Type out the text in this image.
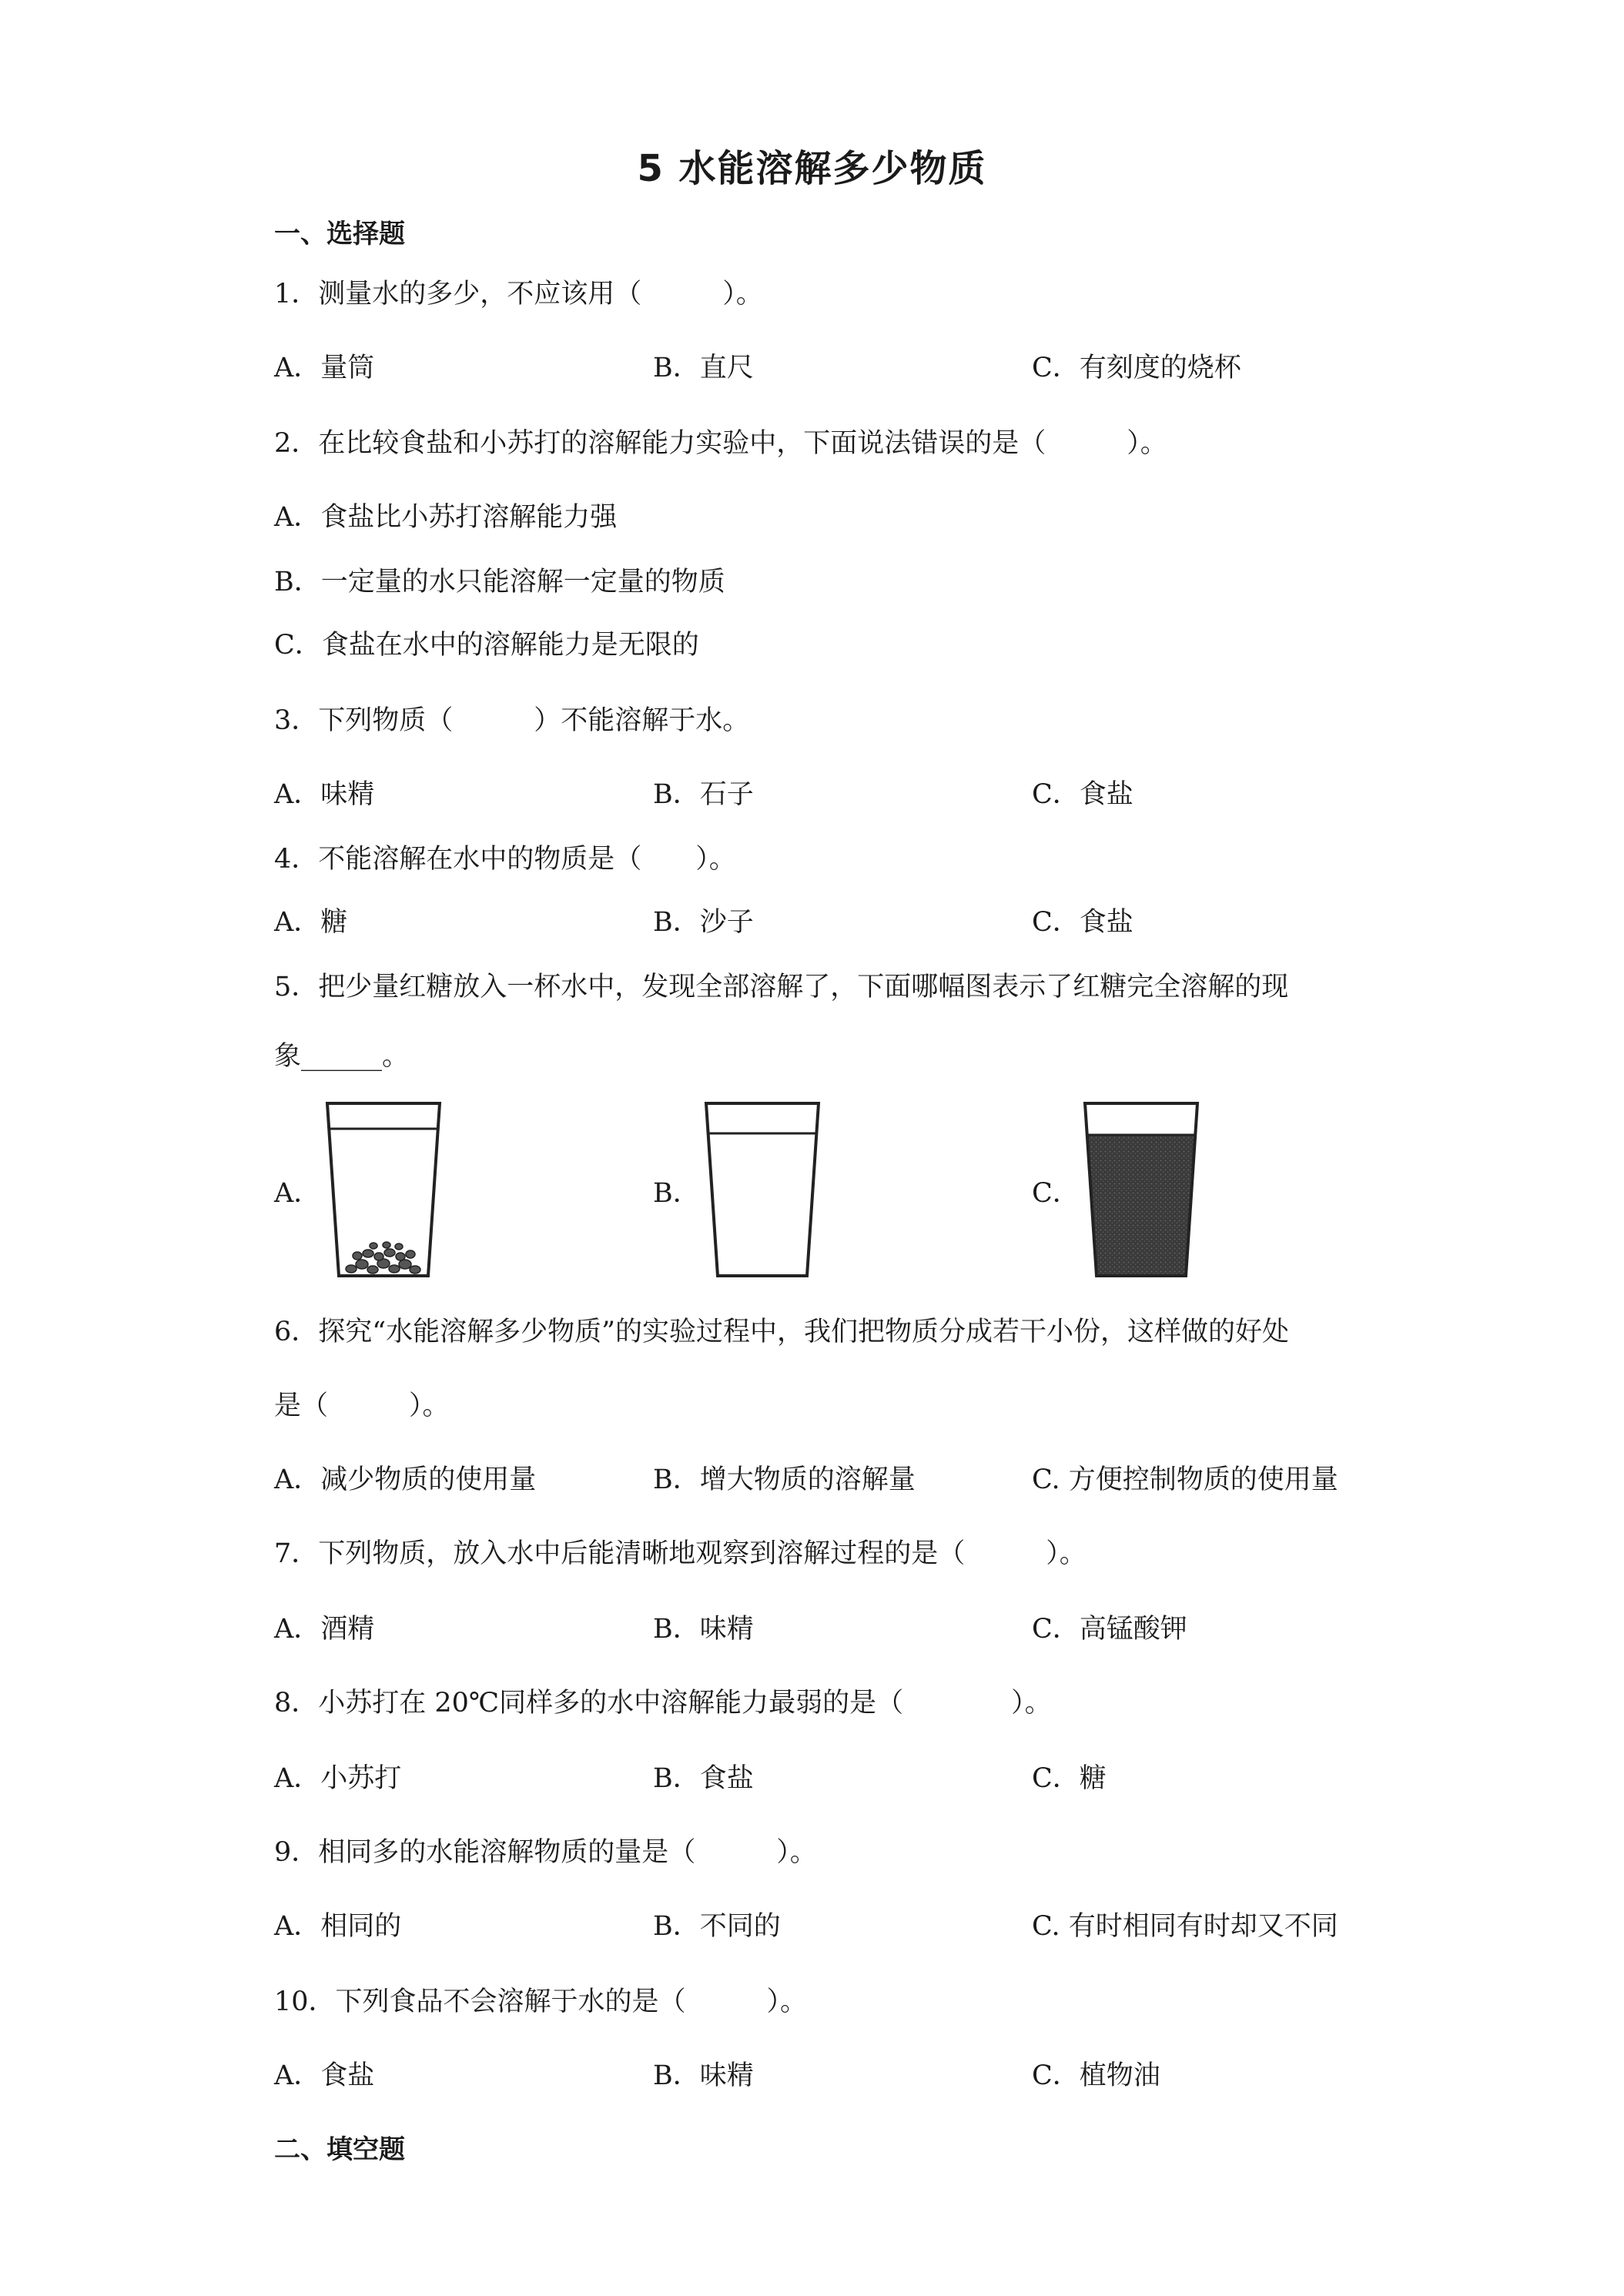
5 水能溶解多少物质
一、选择题
1．测量水的多少，不应该用（　　　）。
A．量筒	B．直尺	C．有刻度的烧杯
2．在比较食盐和小苏打的溶解能力实验中，下面说法错误的是（　　　）。
A．食盐比小苏打溶解能力强
B．一定量的水只能溶解一定量的物质
C．食盐在水中的溶解能力是无限的
3．下列物质（　　　）不能溶解于水。
A．味精	B．石子	C．食盐
4．不能溶解在水中的物质是（　　）。
A．糖	B．沙子	C．食盐
5．把少量红糖放入一杯水中，发现全部溶解了，下面哪幅图表示了红糖完全溶解的现
象______。
A．	B．	C．
6．探究“水能溶解多少物质”的实验过程中，我们把物质分成若干小份，这样做的好处
是（　　　）。
A．减少物质的使用量	B．增大物质的溶解量	C. 方便控制物质的使用量
7．下列物质，放入水中后能清晰地观察到溶解过程的是（　　　）。
A．酒精	B．味精	C．高锰酸钾
8．小苏打在 20℃同样多的水中溶解能力最弱的是（　　　　）。
A．小苏打	B．食盐	C．糖
9．相同多的水能溶解物质的量是（　　　）。
A．相同的	B．不同的	C. 有时相同有时却又不同
10．下列食品不会溶解于水的是（　　　）。
A．食盐	B．味精	C．植物油
二、填空题
